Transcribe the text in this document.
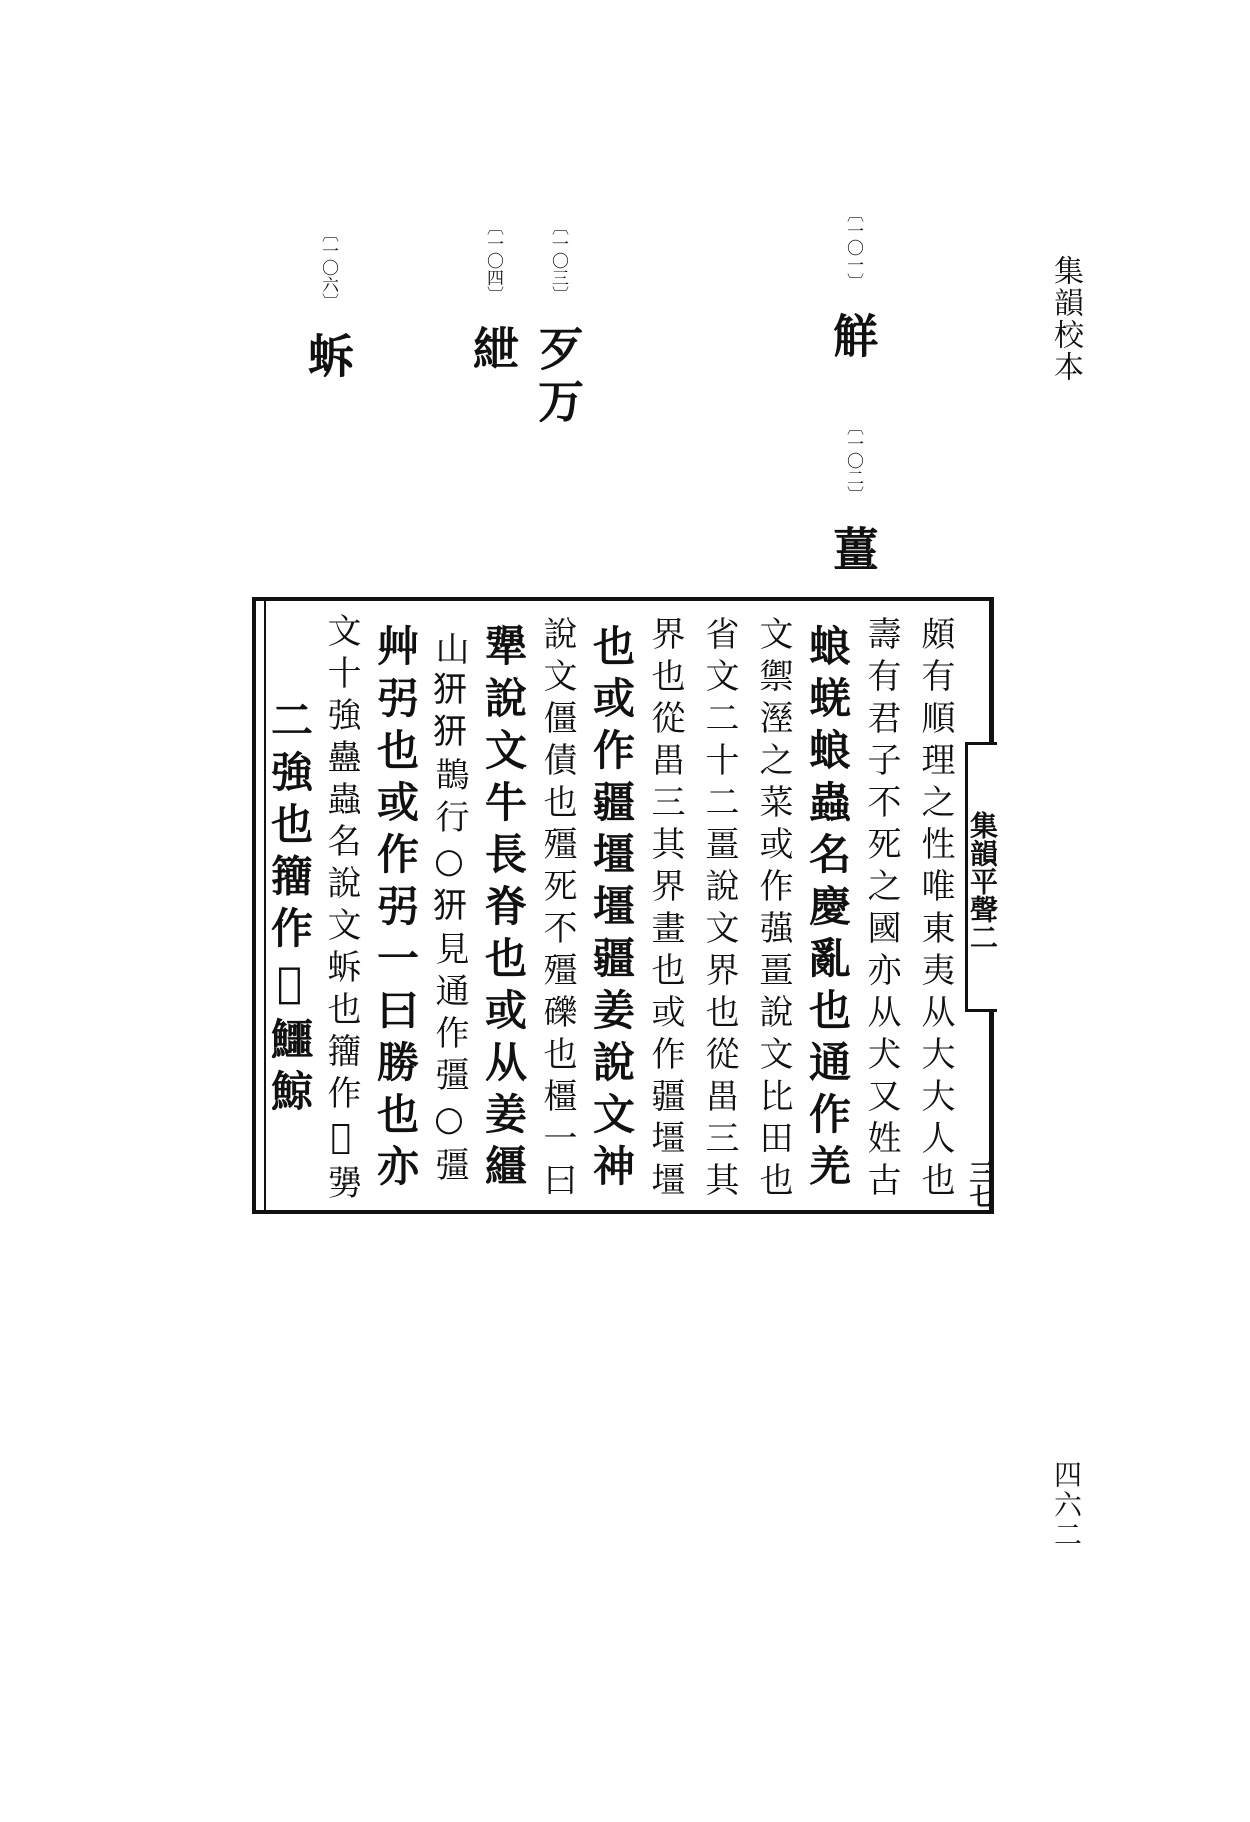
集韻校本
四六二
〔一〇一〕 觧
〔一〇二〕 薑
〔一〇三〕 歹万
〔一〇四〕 紲
〔一〇六〕 蚸
頗有順理之性唯東夷从大大人也
壽有君子不死之國亦从犬又姓古
蜋蜣蜋蟲名慶亂也通作羌
文禦溼之菜或作蔃畺說文比田也
省文二十二畺說文界也從畕三其
界也從畕三其界畫也或作疆壃壃
也或作疆壃壃疆姜說文神
說文僵債也殭死不殭礫也橿一曰
犟說文牛長脊也或从姜繮
山𤜵𤜵鵲行○𤜵見通作彊○彊
艸弜也或作弜一曰勝也亦
文十強蠱蟲名說文蚸也籒作𧓍勥
二強也籒作𧓍鱷鯨	集韻平聲二
三七
